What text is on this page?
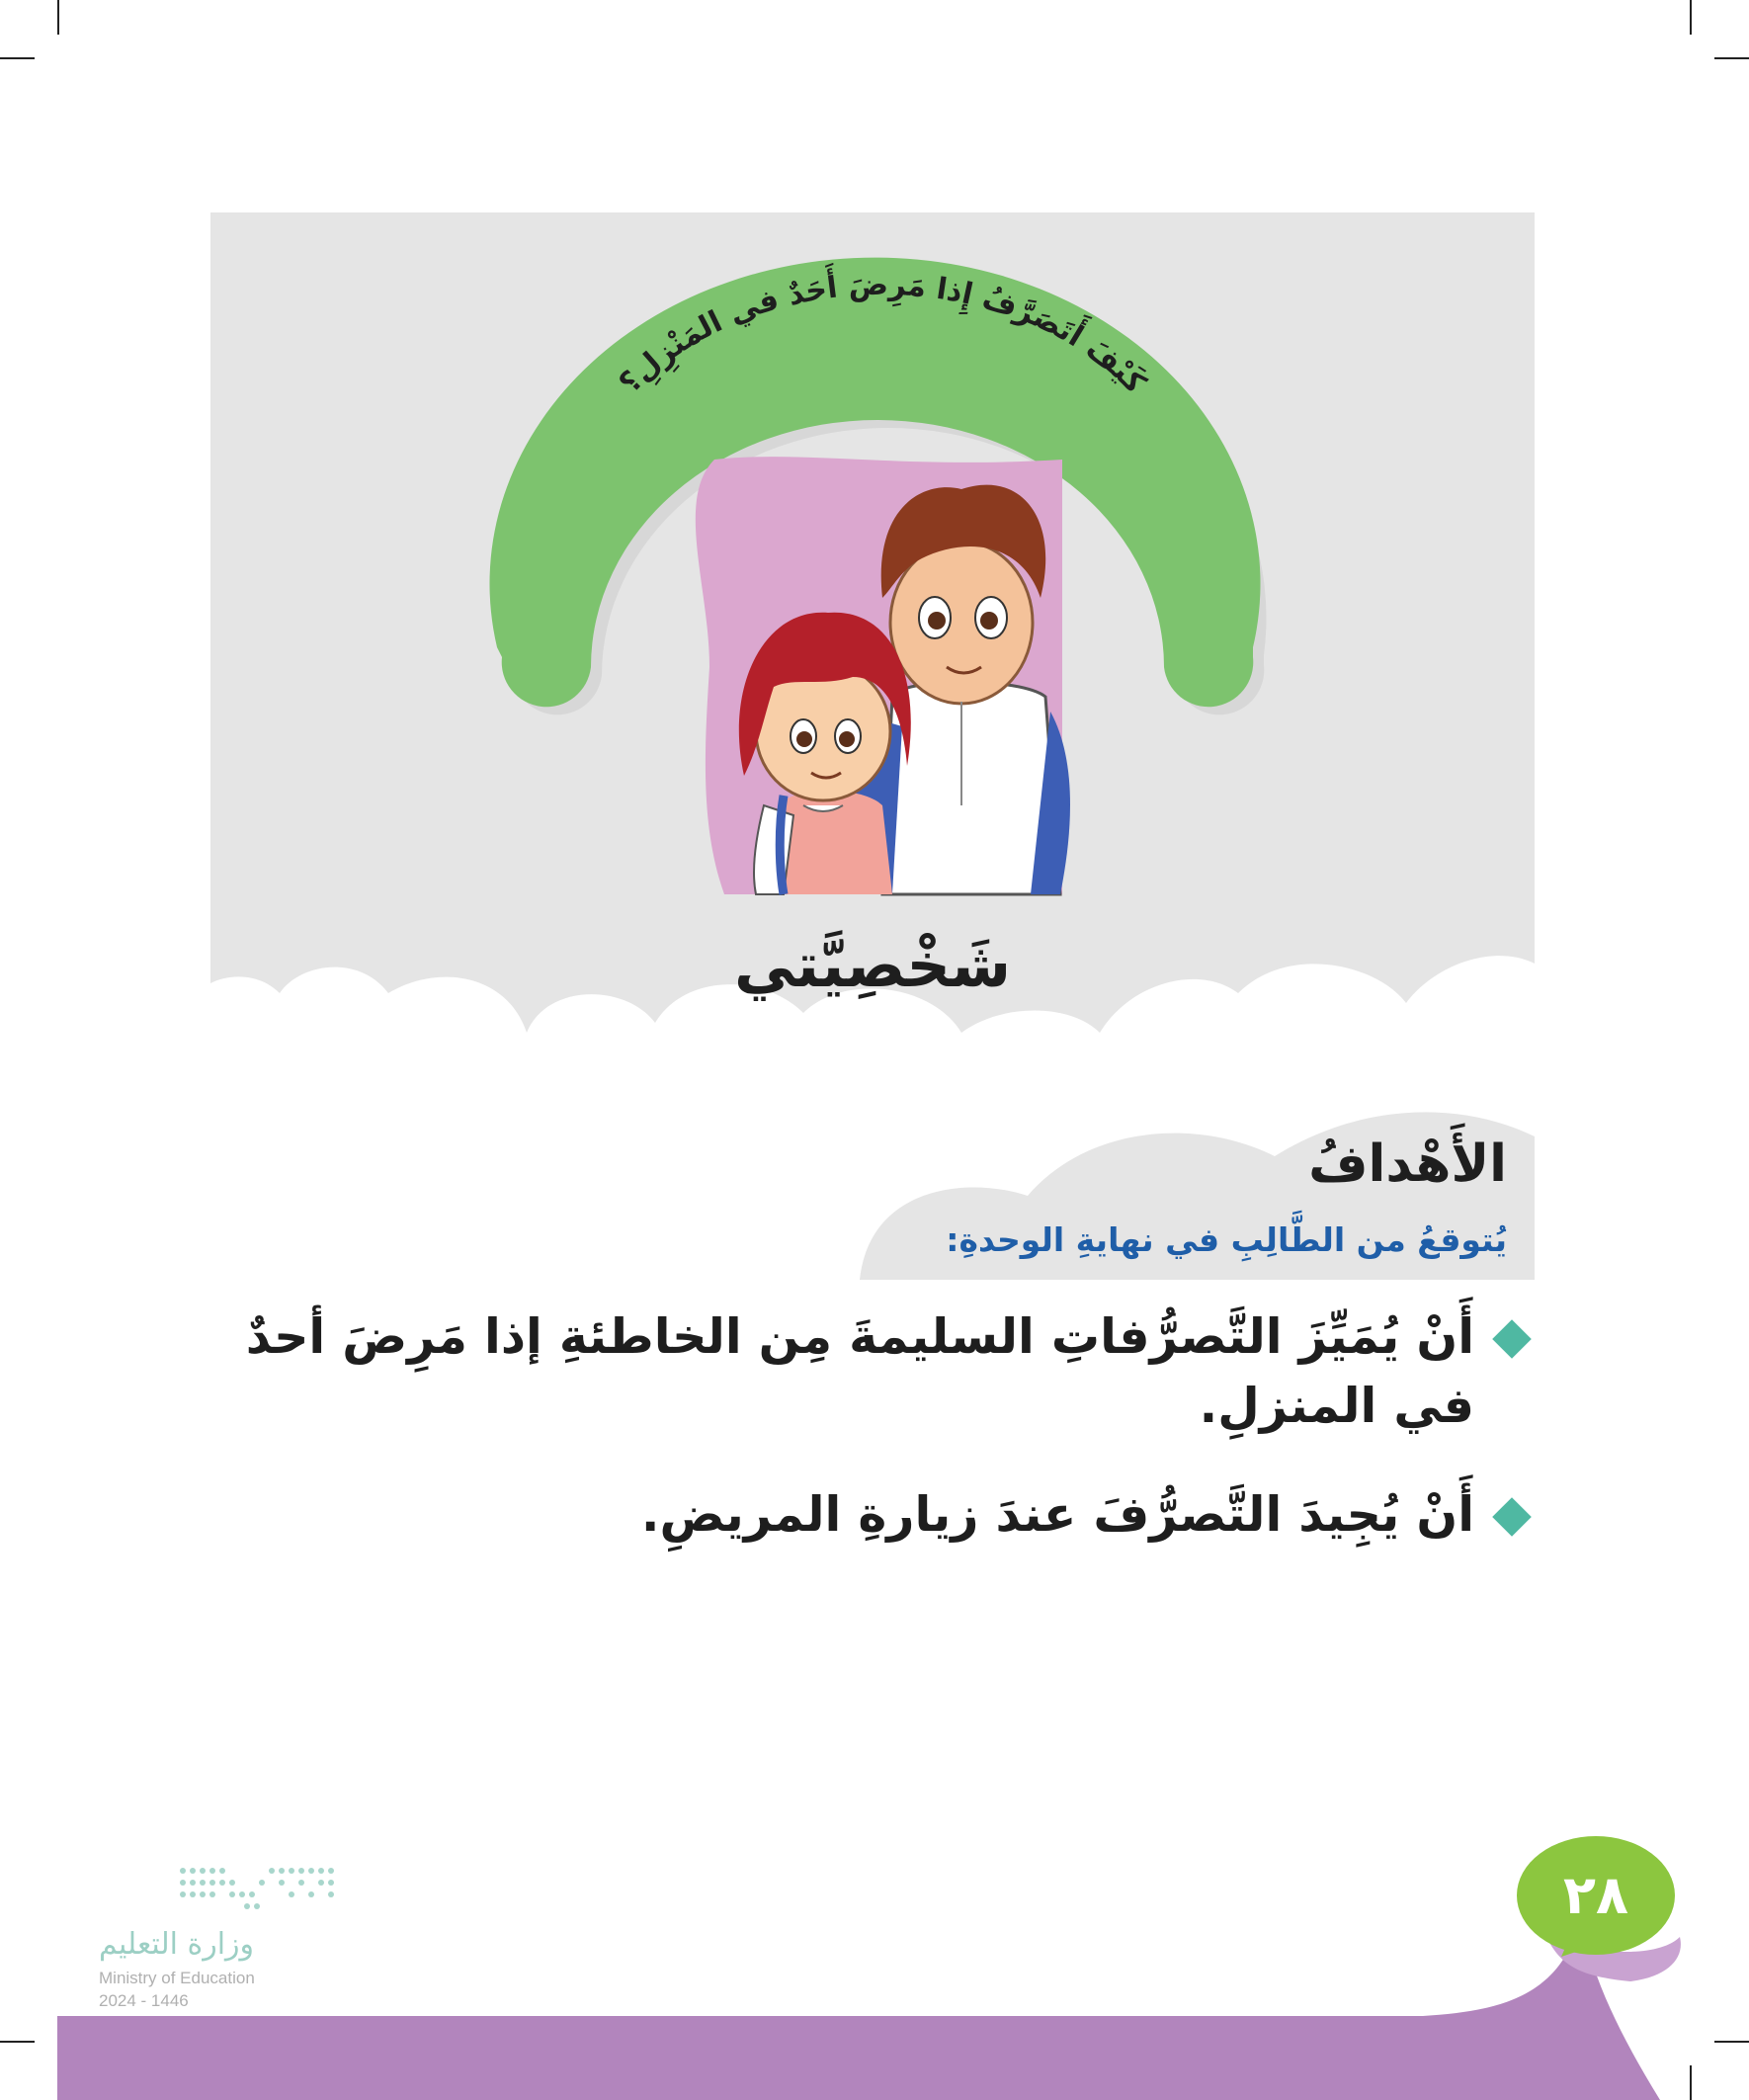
كَيْفَ أَتَصَرَّفُ إِذا مَرِضَ أَحَدٌ في المَنْزِلِ؟
شَخْصِيَّتي
الأَهْدافُ
يُتوقعُ من الطَّالِبِ في نهايةِ الوحدةِ:
أَنْ يُمَيِّزَ التَّصرُّفاتِ السليمةَ مِن الخاطئةِ إذا مَرِضَ أحدٌ في المنزلِ.
أَنْ يُجِيدَ التَّصرُّفَ عندَ زيارةِ المريضِ.
٢٨
وزارة التعليم
Ministry of Education
2024 - 1446
